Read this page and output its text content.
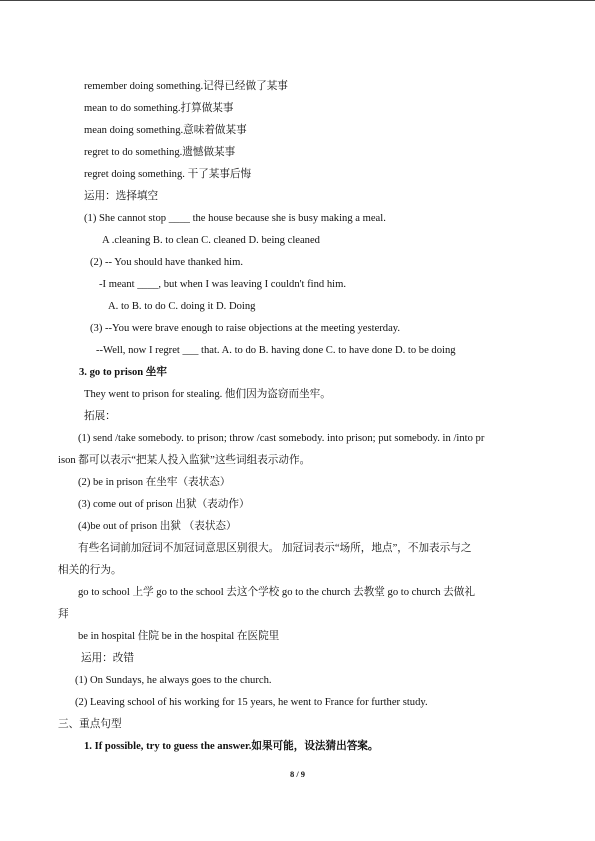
remember doing something.记得已经做了某事
mean to do something.打算做某事
mean doing something.意味着做某事
regret to do something.遗憾做某事
regret doing something. 干了某事后悔
运用：选择填空
(1) She cannot stop ____ the house because she is busy making a meal.
A .cleaning B. to clean C. cleaned D. being cleaned
(2) -- You should have thanked him.
-I meant ____, but when I was leaving I couldn't find him.
A. to B. to do C. doing it D. Doing
(3) --You were brave enough to raise objections at the meeting yesterday.
--Well, now I regret ___ that. A. to do B. having done C. to have done D. to be doing
3. go to prison 坐牢
They went to prison for stealing. 他们因为盗窃而坐牢。
拓展：
(1) send /take somebody. to prison; throw /cast somebody. into prison; put somebody. in /into pr
ison 都可以表示“把某人投入监狱”这些词组表示动作。
(2) be in prison 在坐牢（表状态）
(3) come out of prison 出狱（表动作）
(4)be out of prison 出狱 （表状态）
有些名词前加冠词不加冠词意思区别很大。 加冠词表示“场所，地点”，不加表示与之
相关的行为。
go to school 上学 go to the school 去这个学校 go to the church 去教堂 go to church 去做礼
拜
be in hospital 住院 be in the hospital 在医院里
运用：改错
(1) On Sundays, he always goes to the church.
(2) Leaving school of his working for 15 years, he went to France for further study.
三、重点句型
1. If possible, try to guess the answer.如果可能，设法猜出答案。
8 / 9
